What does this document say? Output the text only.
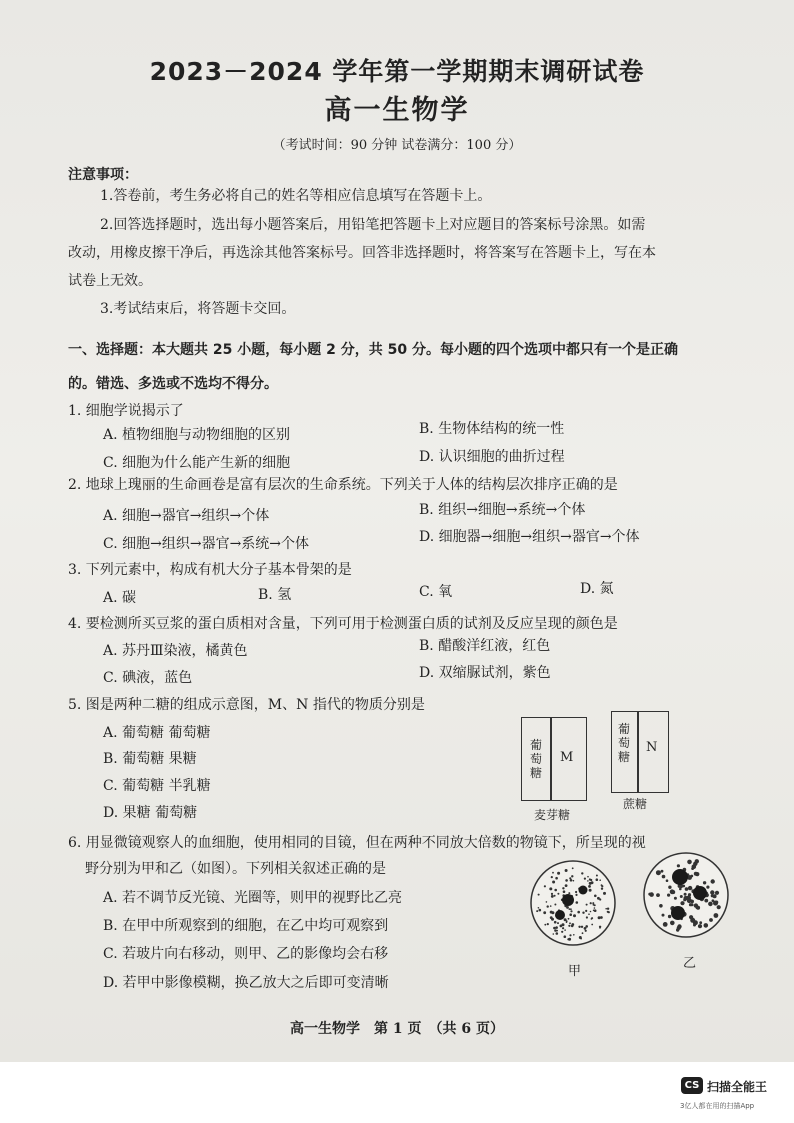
2023－2024 学年第一学期期末调研试卷
高一生物学
（考试时间：90 分钟 试卷满分：100 分）
注意事项：
1.答卷前，考生务必将自己的姓名等相应信息填写在答题卡上。
2.回答选择题时，选出每小题答案后，用铅笔把答题卡上对应题目的答案标号涂黑。如需
改动，用橡皮擦干净后，再选涂其他答案标号。回答非选择题时，将答案写在答题卡上，写在本
试卷上无效。
3.考试结束后，将答题卡交回。
一、选择题：本大题共 25 小题，每小题 2 分，共 50 分。每小题的四个选项中都只有一个是正确
的。错选、多选或不选均不得分。
1. 细胞学说揭示了
A. 植物细胞与动物细胞的区别	B. 生物体结构的统一性
C. 细胞为什么能产生新的细胞	D. 认识细胞的曲折过程
2. 地球上瑰丽的生命画卷是富有层次的生命系统。下列关于人体的结构层次排序正确的是
A. 细胞→器官→组织→个体	B. 组织→细胞→系统→个体
C. 细胞→组织→器官→系统→个体	D. 细胞器→细胞→组织→器官→个体
3. 下列元素中，构成有机大分子基本骨架的是
A. 碳	B. 氢	C. 氧	D. 氮
4. 要检测所买豆浆的蛋白质相对含量，下列可用于检测蛋白质的试剂及反应呈现的颜色是
A. 苏丹Ⅲ染液，橘黄色	B. 醋酸洋红液，红色
C. 碘液，蓝色	D. 双缩脲试剂，紫色
5. 图是两种二糖的组成示意图，M、N 指代的物质分别是
A. 葡萄糖 葡萄糖
B. 葡萄糖 果糖
C. 葡萄糖 半乳糖
D. 果糖 葡萄糖
葡萄糖
M
麦芽糖
葡萄糖
N
蔗糖
6. 用显微镜观察人的血细胞，使用相同的目镜，但在两种不同放大倍数的物镜下，所呈现的视
野分别为甲和乙（如图）。下列相关叙述正确的是
A. 若不调节反光镜、光圈等，则甲的视野比乙亮
B. 在甲中所观察到的细胞，在乙中均可观察到
C. 若玻片向右移动，则甲、乙的影像均会右移
D. 若甲中影像模糊，换乙放大之后即可变清晰
甲
乙
高一生物学　第 1 页　（共 6 页）
CS 扫描全能王
3亿人都在用的扫描App
